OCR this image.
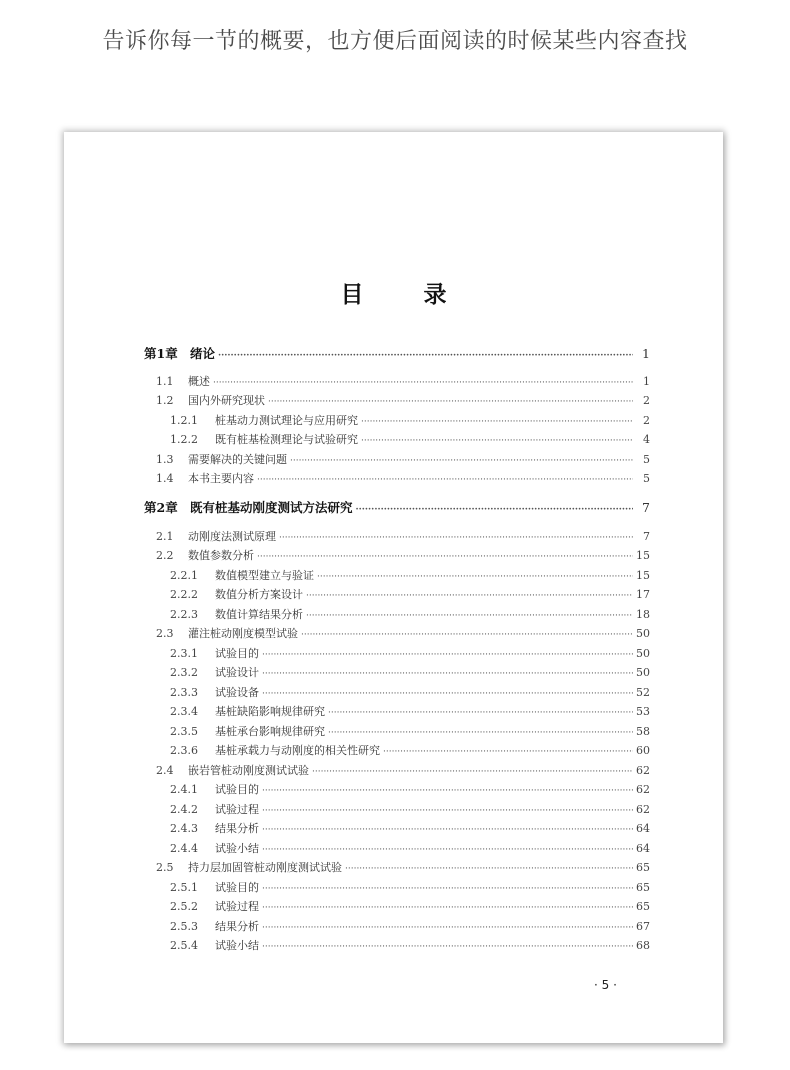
告诉你每一节的概要，也方便后面阅读的时候某些内容查找
目	录
第1章 绪论 ·····	1
1.1	概述 ·····	1
1.2	国内外研究现状 ·····	2
1.2.1	桩基动力测试理论与应用研究 ·····	2
1.2.2	既有桩基检测理论与试验研究 ·····	4
1.3	需要解决的关键问题 ·····	5
1.4	本书主要内容 ·····	5
第2章 既有桩基动刚度测试方法研究 ·····	7
2.1	动刚度法测试原理 ·····	7
2.2	数值参数分析 ·····	15
2.2.1	数值模型建立与验证 ·····	15
2.2.2	数值分析方案设计 ·····	17
2.2.3	数值计算结果分析 ·····	18
2.3	灌注桩动刚度模型试验 ·····	50
2.3.1	试验目的 ·····	50
2.3.2	试验设计 ·····	50
2.3.3	试验设备 ·····	52
2.3.4	基桩缺陷影响规律研究 ·····	53
2.3.5	基桩承台影响规律研究 ·····	58
2.3.6	基桩承载力与动刚度的相关性研究 ·····	60
2.4	嵌岩管桩动刚度测试试验 ·····	62
2.4.1	试验目的 ·····	62
2.4.2	试验过程 ·····	62
2.4.3	结果分析 ·····	64
2.4.4	试验小结 ·····	64
2.5	持力层加固管桩动刚度测试试验 ·····	65
2.5.1	试验目的 ·····	65
2.5.2	试验过程 ·····	65
2.5.3	结果分析 ·····	67
2.5.4	试验小结 ·····	68
· 5 ·
